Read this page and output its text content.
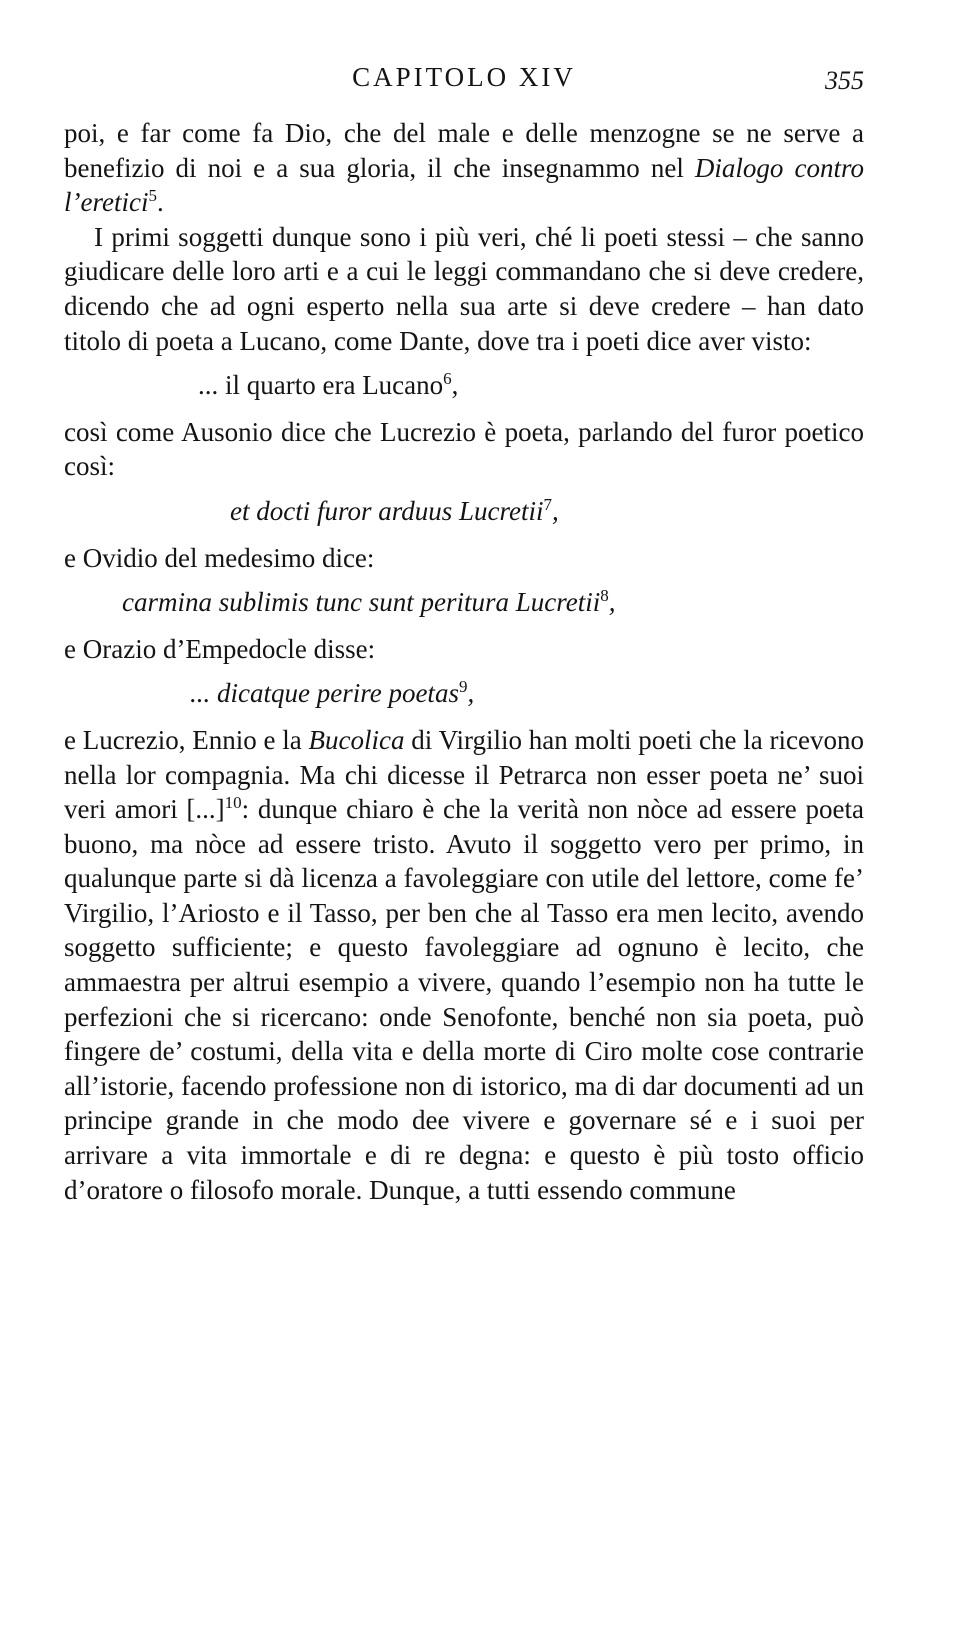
CAPITOLO XIV	355

poi, e far come fa Dio, che del male e delle menzogne se ne serve a benefizio di noi e a sua gloria, il che insegnammo nel Dialogo contro l’eretici$^5$.

I primi soggetti dunque sono i più veri, ché li poeti stessi – che sanno giudicare delle loro arti e a cui le leggi commandano che si deve credere, dicendo che ad ogni esperto nella sua arte si deve credere – han dato titolo di poeta a Lucano, come Dante, dove tra i poeti dice aver visto:

... il quarto era Lucano$^6$,

così come Ausonio dice che Lucrezio è poeta, parlando del furor poetico così:

et docti furor arduus Lucretii$^7$,

e Ovidio del medesimo dice:

carmina sublimis tunc sunt peritura Lucretii$^8$,

e Orazio d’Empedocle disse:

... dicatque perire poetas$^9$,

e Lucrezio, Ennio e la Bucolica di Virgilio han molti poeti che la ricevono nella lor compagnia. Ma chi dicesse il Petrarca non esser poeta ne’ suoi veri amori [...]$^{10}$: dunque chiaro è che la verità non nòce ad essere poeta buono, ma nòce ad essere tristo. Avuto il soggetto vero per primo, in qualunque parte si dà licenza a favoleggiare con utile del lettore, come fe’ Virgilio, l’Ariosto e il Tasso, per ben che al Tasso era men lecito, avendo soggetto sufficiente; e questo favoleggiare ad ognuno è lecito, che ammaestra per altrui esempio a vivere, quando l’esempio non ha tutte le perfezioni che si ricercano: onde Senofonte, benché non sia poeta, può fingere de’ costumi, della vita e della morte di Ciro molte cose contrarie all’istorie, facendo professione non di istorico, ma di dar documenti ad un principe grande in che modo dee vivere e governare sé e i suoi per arrivare a vita immortale e di re degna: e questo è più tosto officio d’oratore o filosofo morale. Dunque, a tutti essendo commune
